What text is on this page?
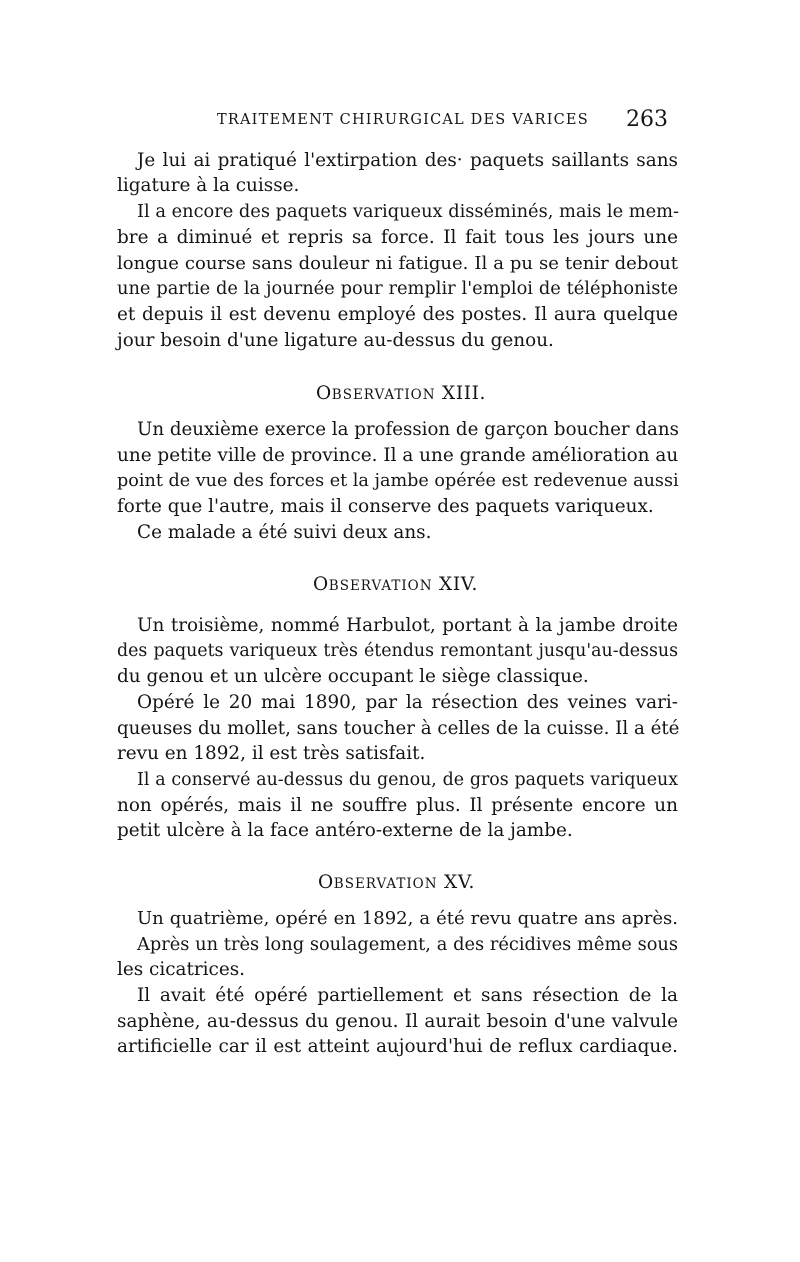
TRAITEMENT CHIRURGICAL DES VARICES 263
Je lui ai pratiqué l'extirpation des· paquets saillants sans
ligature à la cuisse.
Il a encore des paquets variqueux disséminés, mais le mem-
bre a diminué et repris sa force. Il fait tous les jours une
longue course sans douleur ni fatigue. Il a pu se tenir debout
une partie de la journée pour remplir l'emploi de téléphoniste
et depuis il est devenu employé des postes. Il aura quelque
jour besoin d'une ligature au-dessus du genou.
OBSERVATION XIII.
Un deuxième exerce la profession de garçon boucher dans
une petite ville de province. Il a une grande amélioration au
point de vue des forces et la jambe opérée est redevenue aussi
forte que l'autre, mais il conserve des paquets variqueux.
Ce malade a été suivi deux ans.
OBSERVATION XIV.
Un troisième, nommé Harbulot, portant à la jambe droite
des paquets variqueux très étendus remontant jusqu'au-dessus
du genou et un ulcère occupant le siège classique.
Opéré le 20 mai 1890, par la résection des veines vari-
queuses du mollet, sans toucher à celles de la cuisse. Il a été
revu en 1892, il est très satisfait.
Il a conservé au-dessus du genou, de gros paquets variqueux
non opérés, mais il ne souffre plus. Il présente encore un
petit ulcère à la face antéro-externe de la jambe.
OBSERVATION XV.
Un quatrième, opéré en 1892, a été revu quatre ans après.
Après un très long soulagement, a des récidives même sous
les cicatrices.
Il avait été opéré partiellement et sans résection de la
saphène, au-dessus du genou. Il aurait besoin d'une valvule
artificielle car il est atteint aujourd'hui de reflux cardiaque.
